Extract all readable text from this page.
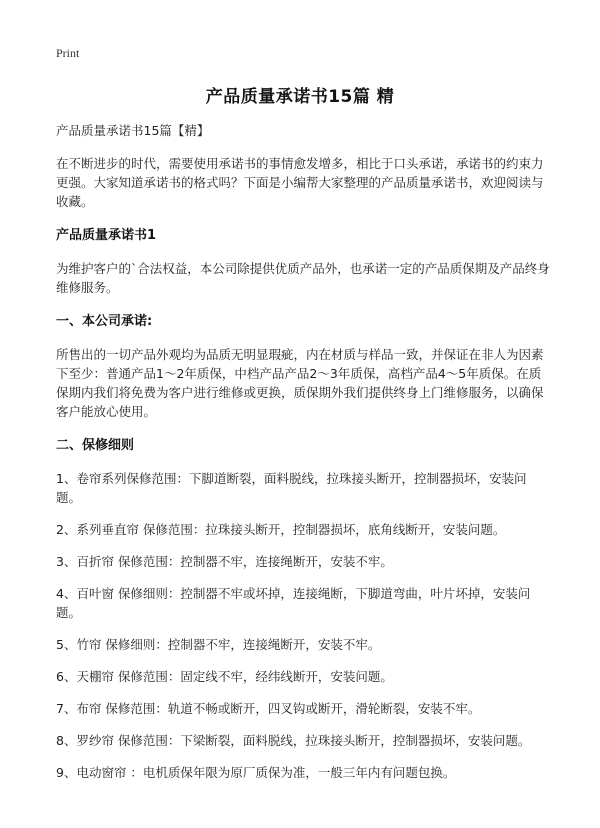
Print
产品质量承诺书15篇 精
产品质量承诺书15篇【精】
在不断进步的时代，需要使用承诺书的事情愈发增多，相比于口头承诺，承诺书的约束力更强。大家知道承诺书的格式吗？下面是小编帮大家整理的产品质量承诺书，欢迎阅读与收藏。
产品质量承诺书1
为维护客户的`合法权益，本公司除提供优质产品外，也承诺一定的产品质保期及产品终身维修服务。
一、本公司承诺:
所售出的一切产品外观均为品质无明显瑕疵，内在材质与样品一致，并保证在非人为因素下至少：普通产品1～2年质保，中档产品产品2～3年质保，高档产品4～5年质保。在质保期内我们将免费为客户进行维修或更换，质保期外我们提供终身上门维修服务，以确保客户能放心使用。
二、保修细则
1、卷帘系列保修范围：下脚道断裂，面料脱线，拉珠接头断开，控制器损坏，安装问题。
2、系列垂直帘 保修范围：拉珠接头断开，控制器损坏，底角线断开，安装问题。
3、百折帘 保修范围：控制器不牢，连接绳断开，安装不牢。
4、百叶窗 保修细则：控制器不牢或坏掉，连接绳断，下脚道弯曲，叶片坏掉，安装问题。
5、竹帘 保修细则：控制器不牢，连接绳断开，安装不牢。
6、天棚帘 保修范围：固定线不牢，经纬线断开，安装问题。
7、布帘 保修范围：轨道不畅或断开，四叉钩或断开，滑轮断裂，安装不牢。
8、罗纱帘 保修范围：下梁断裂，面料脱线，拉珠接头断开，控制器损坏，安装问题。
9、电动窗帘 ：电机质保年限为原厂质保为准，一般三年内有问题包换。
